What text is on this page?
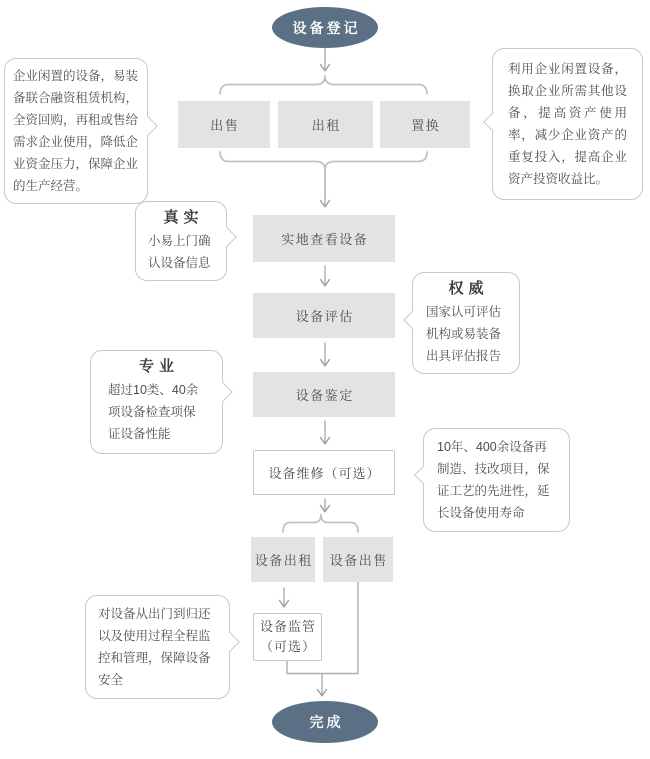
设备登记
完成
出售	出租	置换
实地查看设备
设备评估
设备鉴定
设备维修（可选）
设备出租 设备出售
设备监管
（可选）
企业闲置的设备，易装备联合融资租赁机构，全资回购，再租或售给需求企业使用，降低企业资金压力，保障企业的生产经营。
利用企业闲置设备，换取企业所需其他设备，提高资产使用率，减少企业资产的重复投入，提高企业资产投资收益比。
真实
小易上门确认设备信息
权威
国家认可评估机构或易装备出具评估报告
专业
超过10类、40余项设备检查项保证设备性能
10年、400余设备再制造、技改项目，保证工艺的先进性，延长设备使用寿命
对设备从出门到归还以及使用过程全程监控和管理，保障设备安全
